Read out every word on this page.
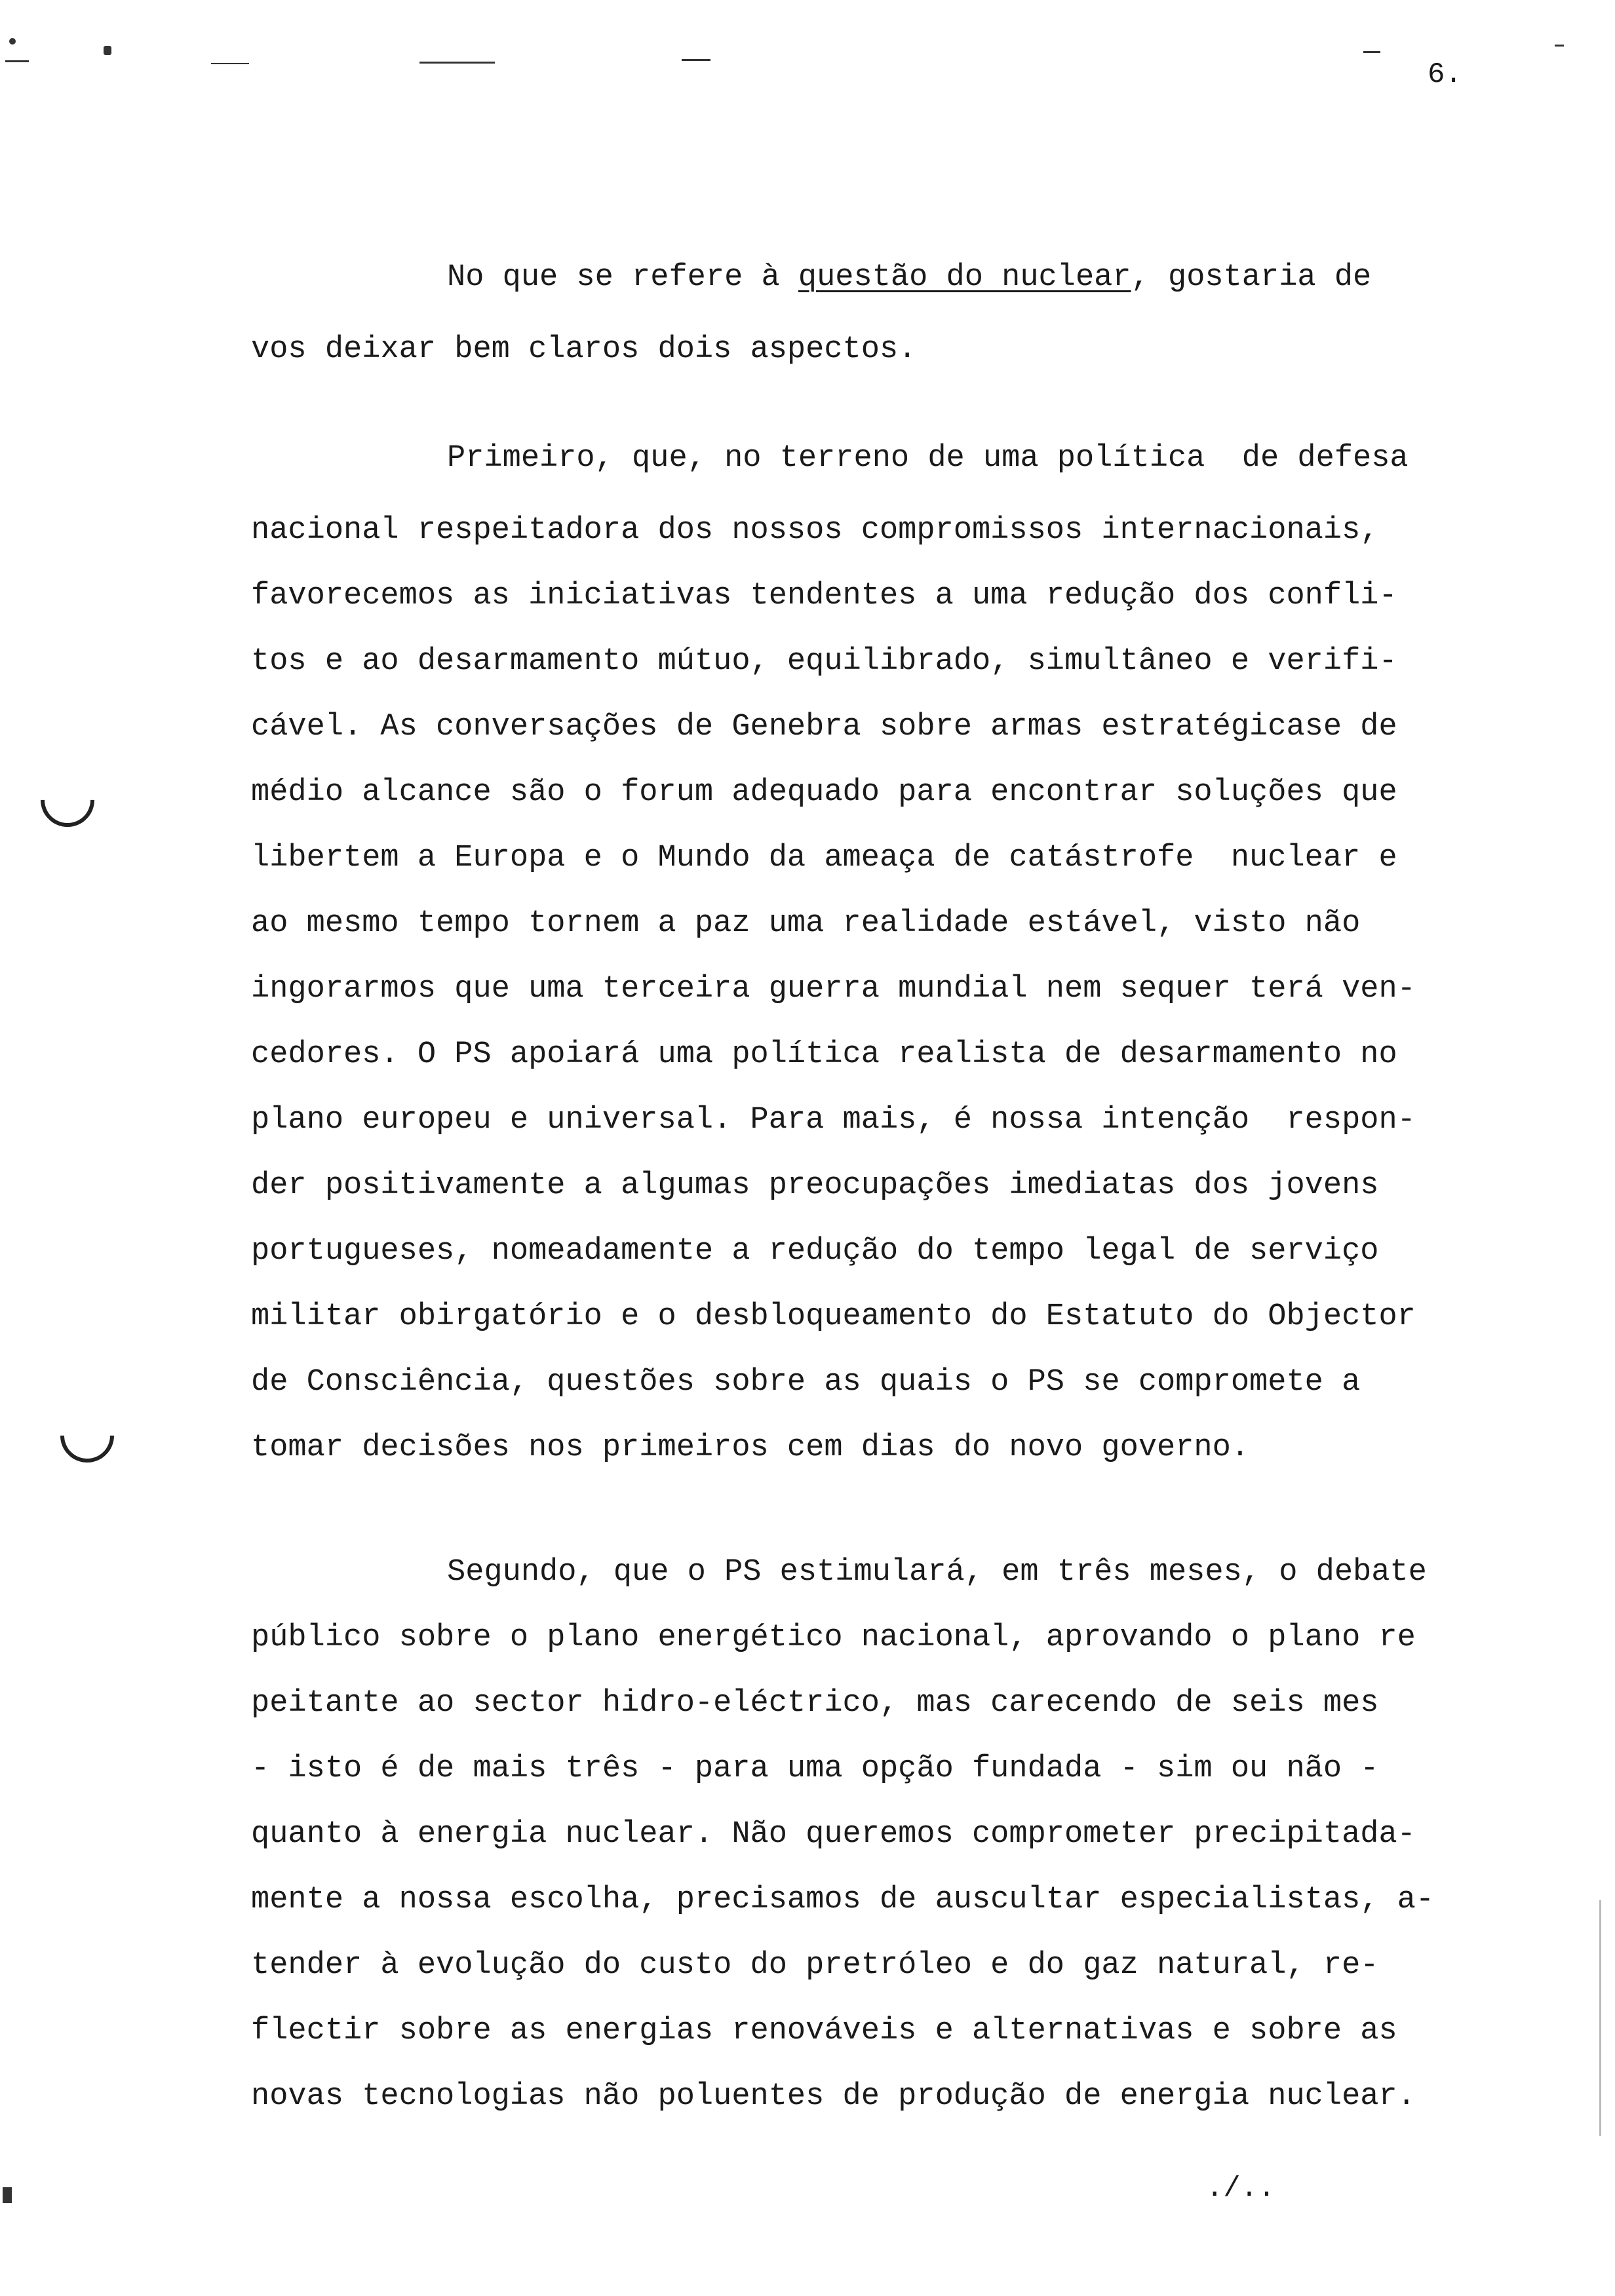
6.
No que se refere à questão do nuclear, gostaria de
vos deixar bem claros dois aspectos.
Primeiro, que, no terreno de uma política  de defesa
nacional respeitadora dos nossos compromissos internacionais,
favorecemos as iniciativas tendentes a uma redução dos confli-
tos e ao desarmamento mútuo, equilibrado, simultâneo e verifi-
cável. As conversações de Genebra sobre armas estratégicase de
médio alcance são o forum adequado para encontrar soluções que
libertem a Europa e o Mundo da ameaça de catástrofe  nuclear e
ao mesmo tempo tornem a paz uma realidade estável, visto não
ingorarmos que uma terceira guerra mundial nem sequer terá ven-
cedores. O PS apoiará uma política realista de desarmamento no
plano europeu e universal. Para mais, é nossa intenção  respon-
der positivamente a algumas preocupações imediatas dos jovens
portugueses, nomeadamente a redução do tempo legal de serviço
militar obirgatório e o desbloqueamento do Estatuto do Objector
de Consciência, questões sobre as quais o PS se compromete a
tomar decisões nos primeiros cem dias do novo governo.
Segundo, que o PS estimulará, em três meses, o debate
público sobre o plano energético nacional, aprovando o plano re
peitante ao sector hidro-eléctrico, mas carecendo de seis mes
- isto é de mais três - para uma opção fundada - sim ou não -
quanto à energia nuclear. Não queremos comprometer precipitada-
mente a nossa escolha, precisamos de auscultar especialistas, a-
tender à evolução do custo do pretróleo e do gaz natural, re-
flectir sobre as energias renováveis e alternativas e sobre as
novas tecnologias não poluentes de produção de energia nuclear.
./..
